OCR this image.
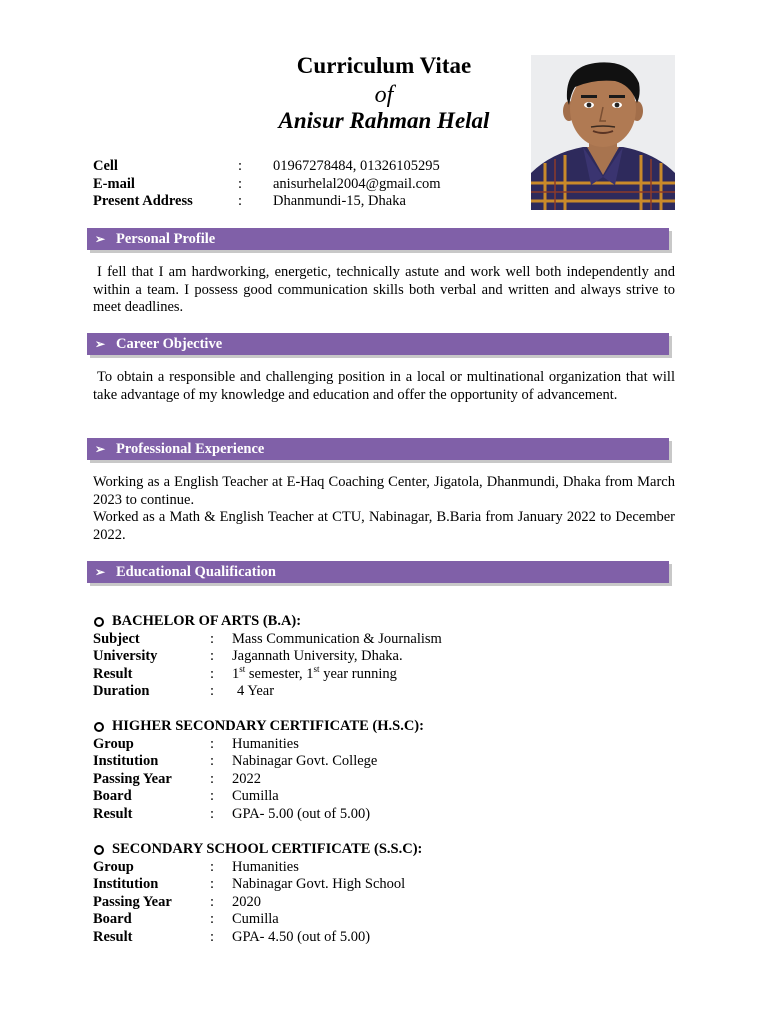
Curriculum Vitae
of
Anisur Rahman Helal
Cell	:	01967278484, 01326105295
E-mail	:	anisurhelal2004@gmail.com
Present Address	:	Dhanmundi-15, Dhaka
➢ Personal Profile
I fell that I am hardworking, energetic, technically astute and work well both independently and within a team. I possess good communication skills both verbal and written and always strive to meet deadlines.
➢ Career Objective
To obtain a responsible and challenging position in a local or multinational organization that will take advantage of my knowledge and education and offer the opportunity of advancement.
➢ Professional Experience
Working as a English Teacher at E-Haq Coaching Center, Jigatola, Dhanmundi, Dhaka from March 2023 to continue.
Worked as a Math & English Teacher at CTU, Nabinagar, B.Baria from January 2022 to December 2022.
➢ Educational Qualification
BACHELOR OF ARTS (B.A):
Subject	:	Mass Communication & Journalism
University	:	Jagannath University, Dhaka.
Result	:	1st semester, 1st year running
Duration	:	4 Year
HIGHER SECONDARY CERTIFICATE (H.S.C):
Group	:	Humanities
Institution	:	Nabinagar Govt. College
Passing Year	:	2022
Board	:	Cumilla
Result	:	GPA- 5.00 (out of 5.00)
SECONDARY SCHOOL CERTIFICATE (S.S.C):
Group	:	Humanities
Institution	:	Nabinagar Govt. High School
Passing Year	:	2020
Board	:	Cumilla
Result	:	GPA- 4.50 (out of 5.00)
